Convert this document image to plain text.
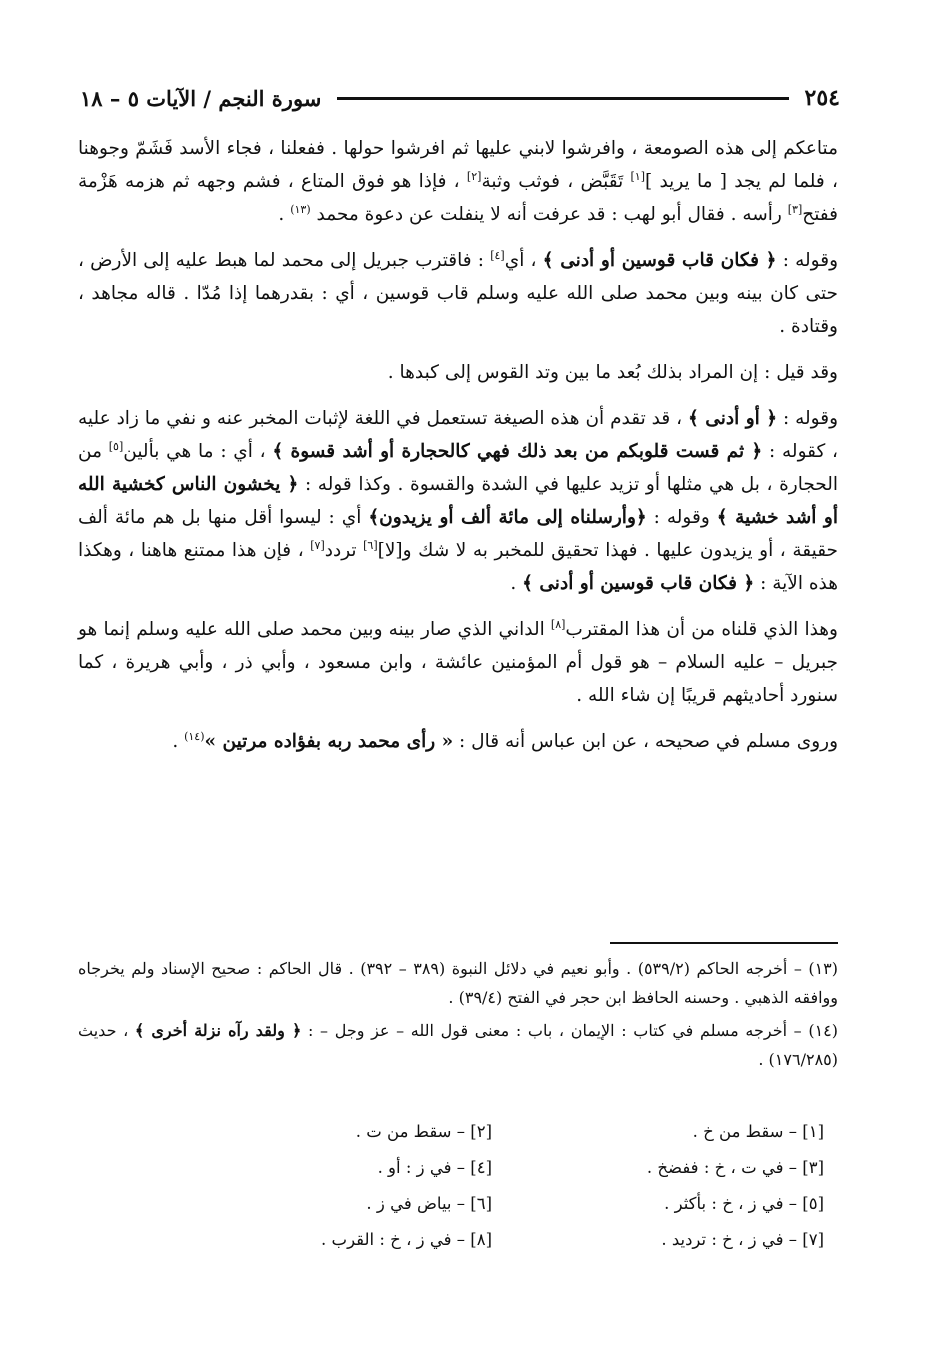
٢٥٤
سورة النجم / الآيات ٥ – ١٨

متاعكم إلى هذه الصومعة ، وافرشوا لابني عليها ثم افرشوا حولها . ففعلنا ، فجاء الأسد فَشَمّ وجوهنا ، فلما لم يجد [ ما يريد ][١] تَقَبَّض ، فوثب وثبة[٢] ، فإذا هو فوق المتاع ، فشم وجهه ثم هزمه هَزْمة ففتح[٣] رأسه . فقال أبو لهب : قد عرفت أنه لا ينفلت عن دعوة محمد $^{(١٣)}$ .

وقوله : ﴿ فكان قاب قوسين أو أدنى ﴾ ، أي[٤] : فاقترب جبريل إلى محمد لما هبط عليه إلى الأرض ، حتى كان بينه وبين محمد صلى الله عليه وسلم قاب قوسين ، أي : بقدرهما إذا مُدّا . قاله مجاهد ، وقتادة .

وقد قيل : إن المراد بذلك بُعد ما بين وتد القوس إلى كبدها .

وقوله : ﴿ أو أدنى ﴾ ، قد تقدم أن هذه الصيغة تستعمل في اللغة لإثبات المخبر عنه و نفي ما زاد عليه ، كقوله : ﴿ ثم قست قلوبكم من بعد ذلك فهي كالحجارة أو أشد قسوة ﴾ ، أي : ما هي بألين[٥] من الحجارة ، بل هي مثلها أو تزيد عليها في الشدة والقسوة . وكذا قوله : ﴿ يخشون الناس كخشية الله أو أشد خشية ﴾ وقوله : ﴿وأرسلناه إلى مائة ألف أو يزيدون﴾ أي : ليسوا أقل منها بل هم مائة ألف حقيقة ، أو يزيدون عليها . فهذا تحقيق للمخبر به لا شك و[لا][٦] تردد[٧] ، فإن هذا ممتنع هاهنا ، وهكذا هذه الآية : ﴿ فكان قاب قوسين أو أدنى ﴾ .

وهذا الذي قلناه من أن هذا المقترب[٨] الداني الذي صار بينه وبين محمد صلى الله عليه وسلم إنما هو جبريل – عليه السلام – هو قول أم المؤمنين عائشة ، وابن مسعود ، وأبي ذر ، وأبي هريرة ، كما سنورد أحاديثهم قريبًا إن شاء الله .

وروى مسلم في صحيحه ، عن ابن عباس أنه قال : « رأى محمد ربه بفؤاده مرتين »$^{(١٤)}$ .

(١٣) – أخرجه الحاكم (٥٣٩/٢) . وأبو نعيم في دلائل النبوة (٣٨٩ – ٣٩٢) . قال الحاكم : صحيح الإسناد ولم يخرجاه ووافقه الذهبي . وحسنه الحافظ ابن حجر في الفتح (٣٩/٤) .

(١٤) – أخرجه مسلم في كتاب : الإيمان ، باب : معنى قول الله – عز وجل – : ﴿ ولقد رآه نزلة أخرى ﴾ ، حديث (١٧٦/٢٨٥) .

[١] – سقط من خ .
[٢] – سقط من ت .
[٣] – في ت ، خ : ففضخ .
[٤] – في ز : أو .
[٥] – في ز ، خ : بأكثر .
[٦] – بياض في ز .
[٧] – في ز ، خ : ترديد .
[٨] – في ز ، خ : القرب .
